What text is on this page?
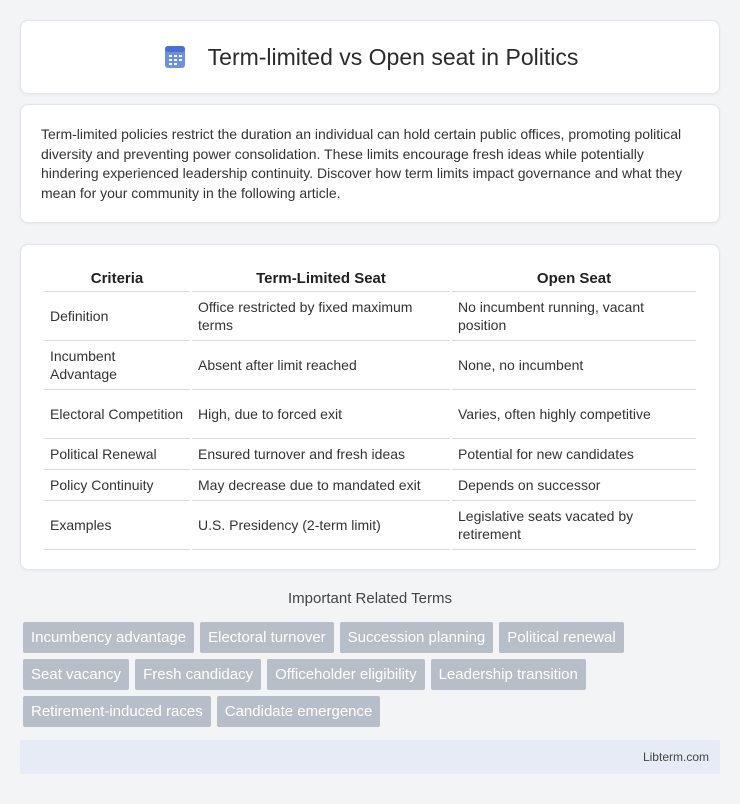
Term-limited vs Open seat in Politics

Term-limited policies restrict the duration an individual can hold certain public offices, promoting political diversity and preventing power consolidation. These limits encourage fresh ideas while potentially hindering experienced leadership continuity. Discover how term limits impact governance and what they mean for your community in the following article.

Criteria	Term-Limited Seat	Open Seat
Definition	Office restricted by fixed maximum terms	No incumbent running, vacant position
Incumbent Advantage	Absent after limit reached	None, no incumbent
Electoral Competition	High, due to forced exit	Varies, often highly competitive
Political Renewal	Ensured turnover and fresh ideas	Potential for new candidates
Policy Continuity	May decrease due to mandated exit	Depends on successor
Examples	U.S. Presidency (2-term limit)	Legislative seats vacated by retirement
Important Related Terms
Incumbency advantage	Electoral turnover	Succession planning	Political renewal
Seat vacancy	Fresh candidacy	Officeholder eligibility	Leadership transition
Retirement-induced races	Candidate emergence
Libterm.com
